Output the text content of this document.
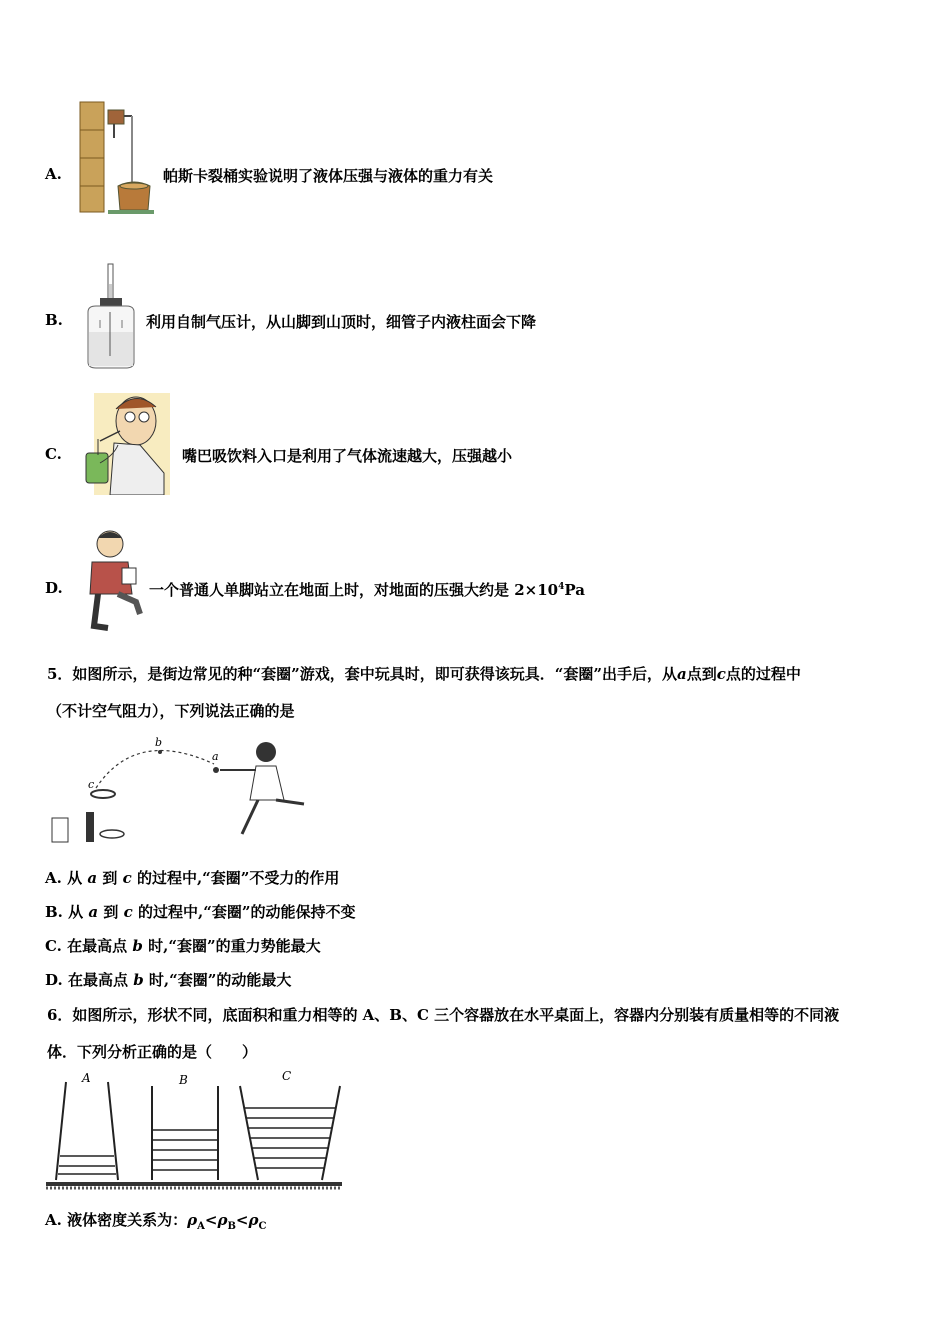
A.	帕斯卡裂桶实验说明了液体压强与液体的重力有关
B.	利用自制气压计，从山脚到山顶时，细管子内液柱面会下降
C.	嘴巴吸饮料入口是利用了气体流速越大，压强越小
D.	一个普通人单脚站立在地面上时，对地面的压强大约是 $2\times 10^4Pa$
5．如图所示，是街边常见的种“套圈”游戏，套中玩具时，即可获得该玩具．“套圈”出手后，从a点到c点的过程中
（不计空气阻力），下列说法正确的是
b
a
c
A. 从 a 到 c 的过程中,“套圈”不受力的作用
B. 从 a 到 c 的过程中,“套圈”的动能保持不变
C. 在最高点 b 时,“套圈”的重力势能最大
D. 在最高点 b 时,“套圈”的动能最大
6．如图所示，形状不同，底面积和重力相等的 A、B、C 三个容器放在水平桌面上，容器内分别装有质量相等的不同液
体．下列分析正确的是（　　）
A	B	C
A. 液体密度关系为：$\rho_A<\rho_B<\rho_C$
